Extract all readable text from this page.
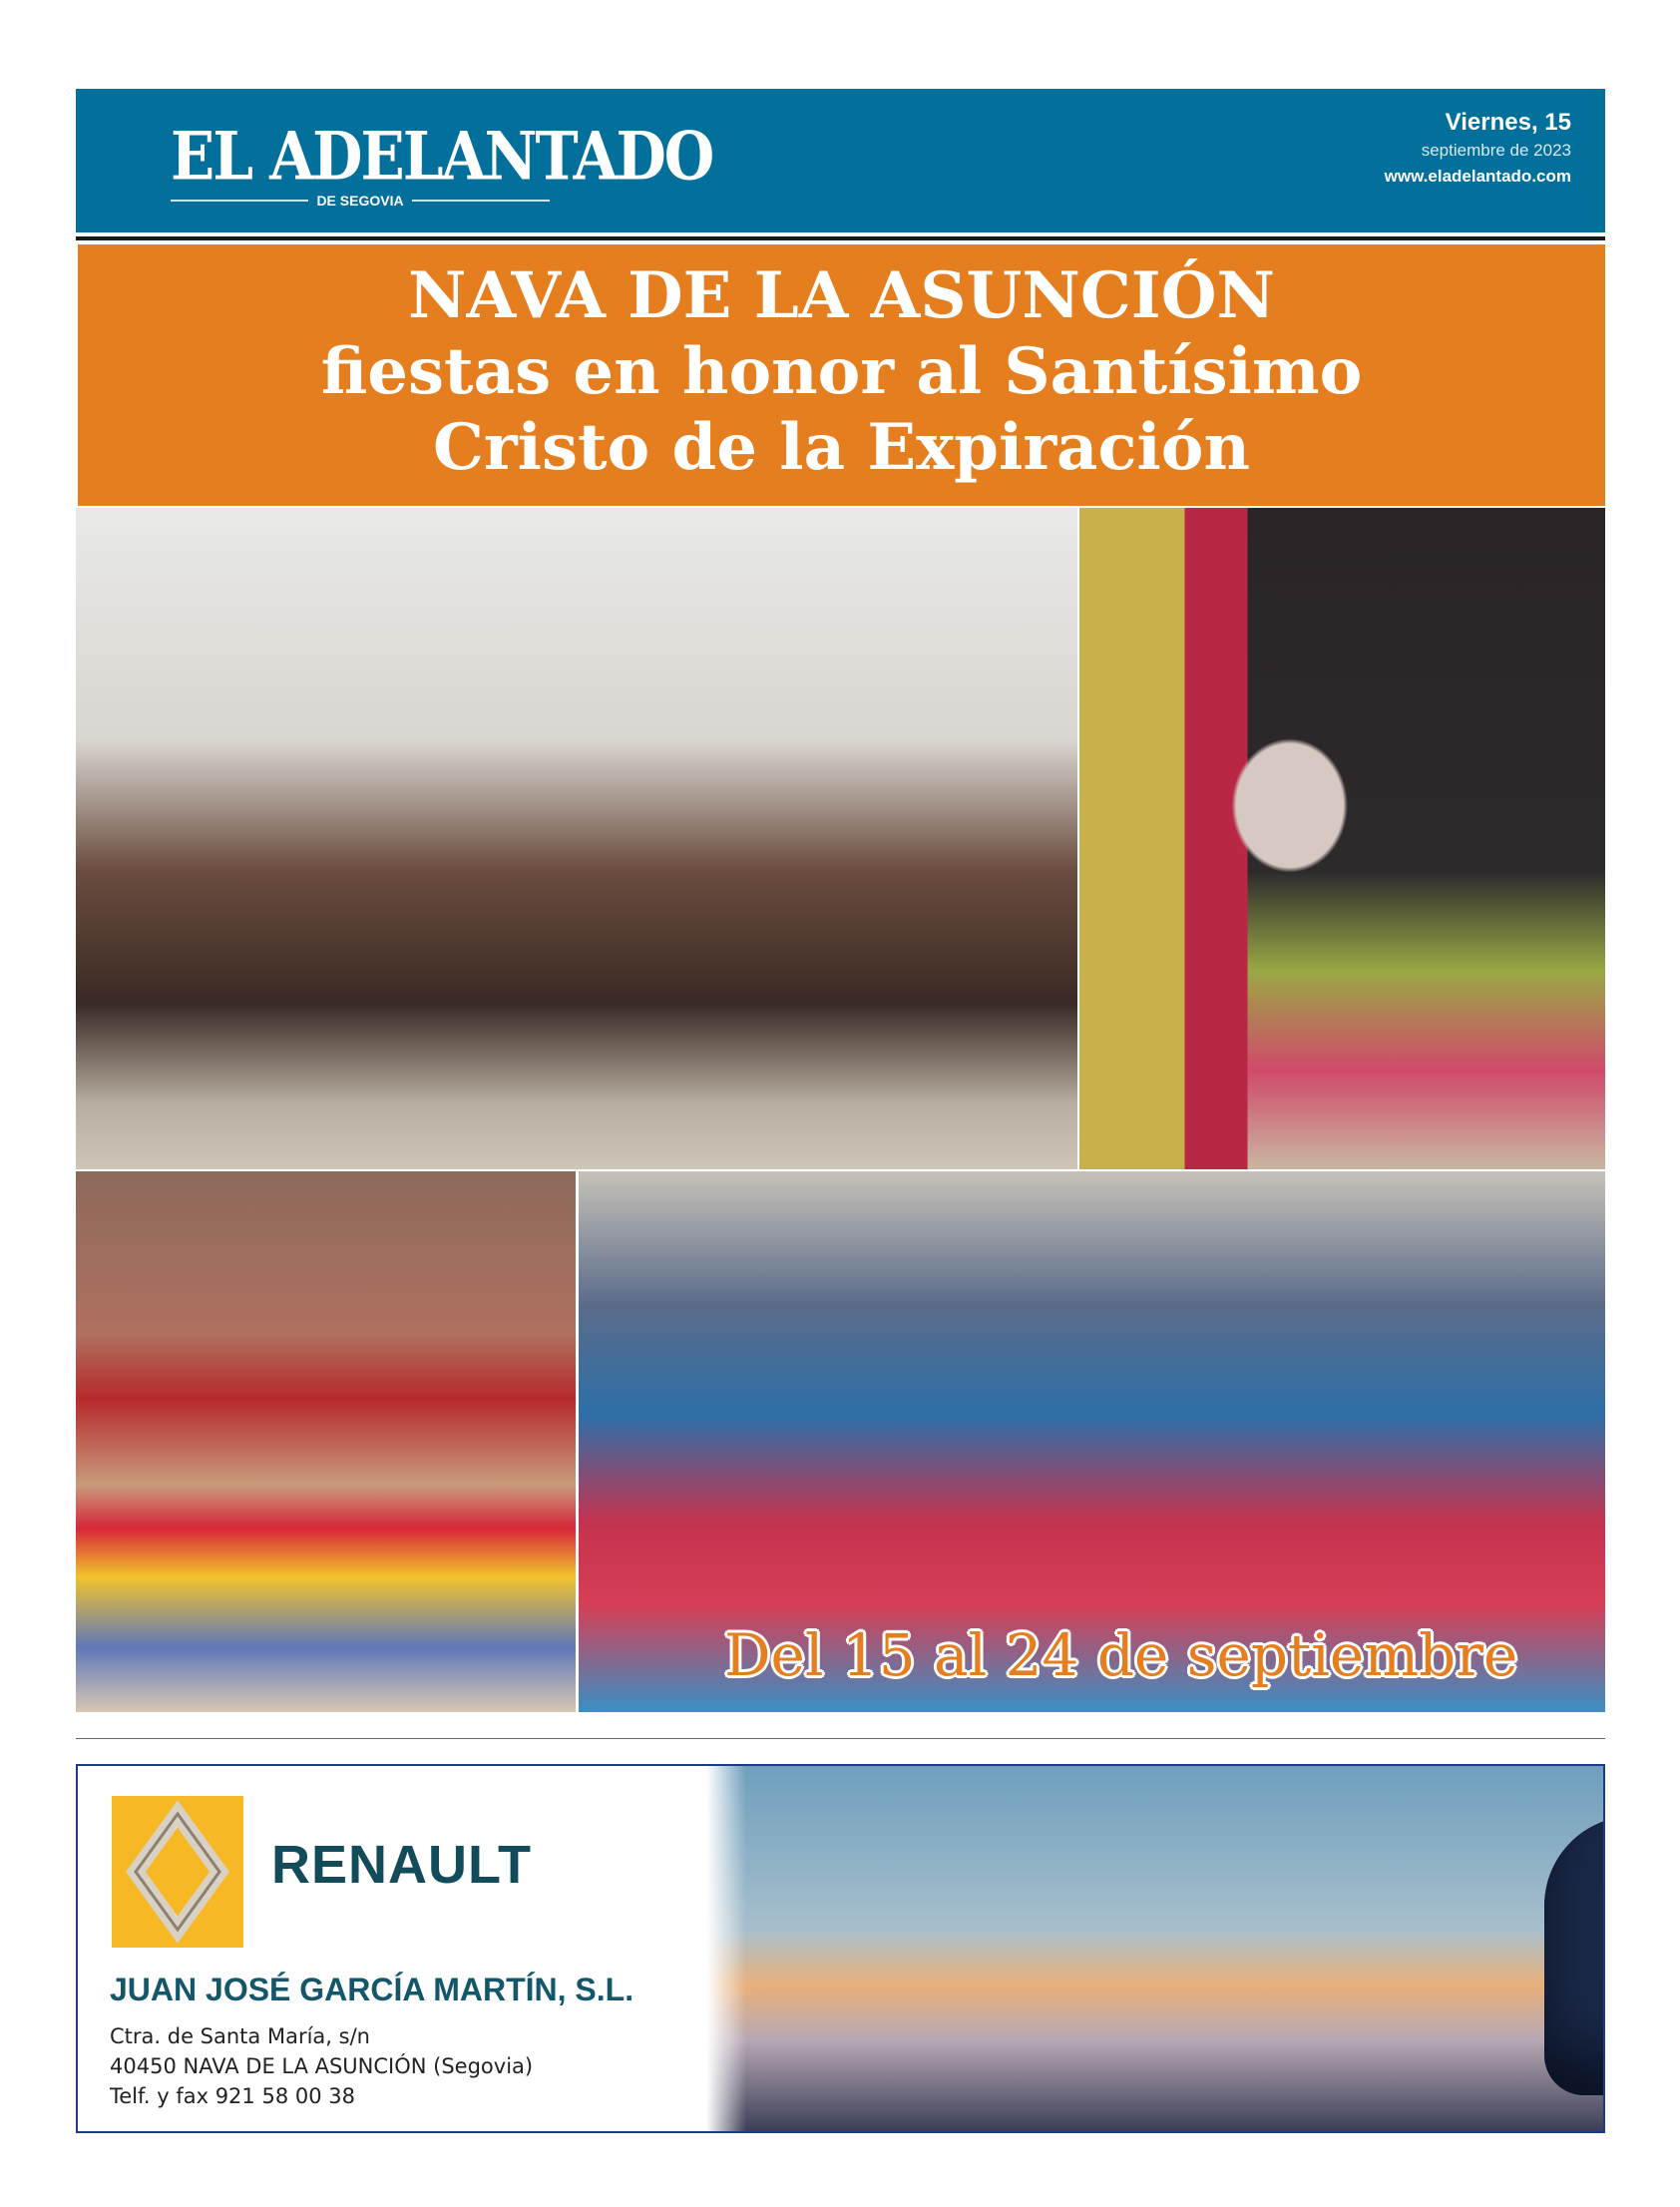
EL ADELANTADO
DE SEGOVIA
Viernes, 15
septiembre de 2023
www.eladelantado.com
NAVA DE LA ASUNCIÓN
fiestas en honor al Santísimo
Cristo de la Expiración
Del 15 al 24 de septiembre
RENAULT
JUAN JOSÉ GARCÍA MARTÍN, S.L.
Ctra. de Santa María, s/n
40450 NAVA DE LA ASUNCIÓN (Segovia)
Telf. y fax 921 58 00 38
